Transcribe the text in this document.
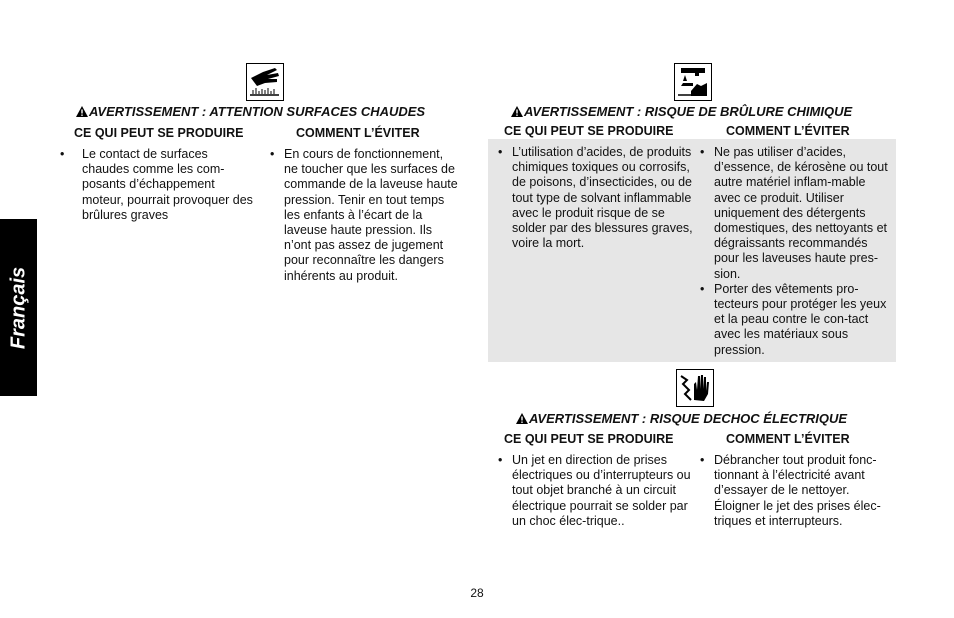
Français
AVERTISSEMENT : ATTENTION SURFACES CHAUDES
CE QUI PEUT SE PRODUIRE	COMMENT L’ÉVITER
• Le contact de surfaces chaudes comme les com-posants d’échappement moteur, pourrait provoquer des brûlures graves
• En cours de fonctionnement, ne toucher que les surfaces de commande de la laveuse haute pression. Tenir en tout temps les enfants à l’écart de la laveuse haute pression. Ils n’ont pas assez de jugement pour reconnaître les dangers inhérents au produit.
AVERTISSEMENT : RISQUE DE BRÛLURE CHIMIQUE
CE QUI PEUT SE PRODUIRE	COMMENT L’ÉVITER
• L’utilisation d’acides, de produits chimiques toxiques ou corrosifs, de poisons, d’insecticides, ou de tout type de solvant inflammable avec le produit risque de se solder par des blessures graves, voire la mort.
• Ne pas utiliser d’acides, d’essence, de kérosène ou tout autre matériel inflam-mable avec ce produit. Utiliser uniquement des détergents domestiques, des nettoyants et dégraissants recommandés pour les laveuses haute pres-sion.
• Porter des vêtements pro-tecteurs pour protéger les yeux et la peau contre le con-tact avec les matériaux sous pression.
AVERTISSEMENT : RISQUE DECHOC ÉLECTRIQUE
CE QUI PEUT SE PRODUIRE	COMMENT L’ÉVITER
• Un jet en direction de prises électriques ou d’interrupteurs ou tout objet branché à un circuit électrique pourrait se solder par un choc élec-trique..
• Débrancher tout produit fonc-tionnant à l’électricité avant d’essayer de le nettoyer. Éloigner le jet des prises élec-triques et interrupteurs.
28
